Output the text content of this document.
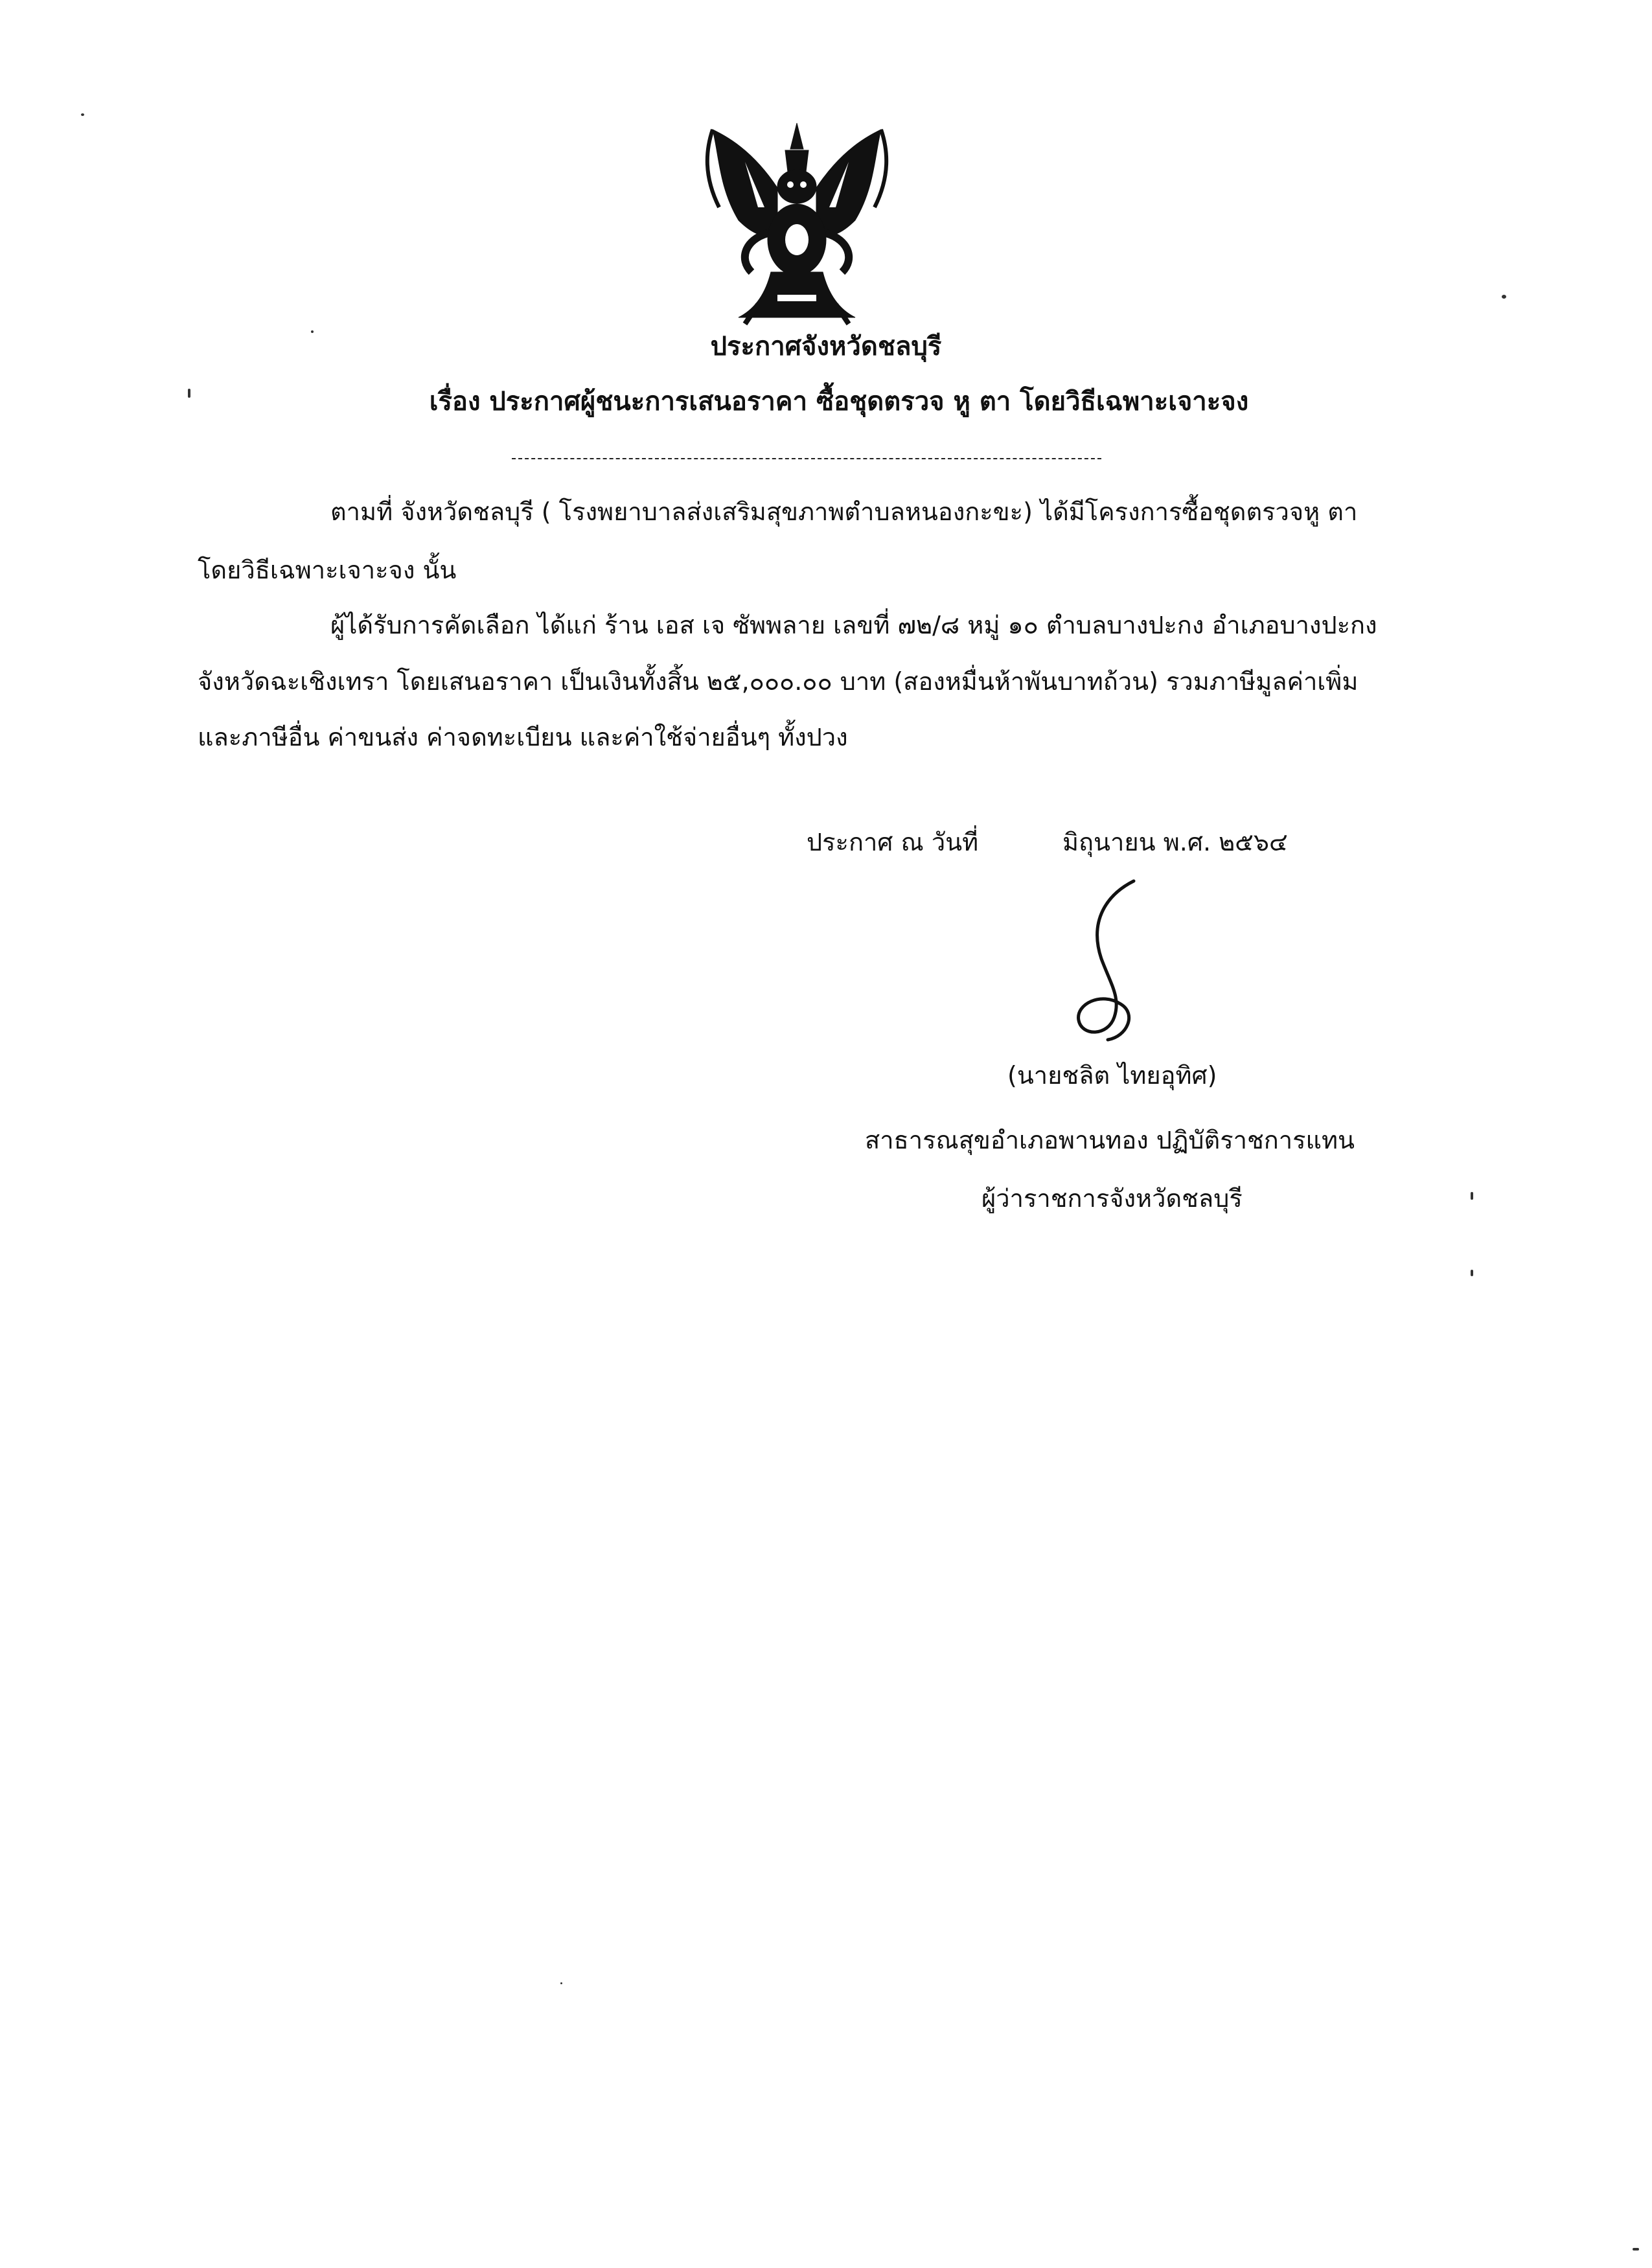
ประกาศจังหวัดชลบุรี
เรื่อง ประกาศผู้ชนะการเสนอราคา ซื้อชุดตรวจ หู ตา โดยวิธีเฉพาะเจาะจง
ตามที่ จังหวัดชลบุรี ( โรงพยาบาลส่งเสริมสุขภาพตำบลหนองกะขะ) ได้มีโครงการซื้อชุดตรวจหู ตา
โดยวิธีเฉพาะเจาะจง นั้น
ผู้ได้รับการคัดเลือก ได้แก่ ร้าน เอส เจ ซัพพลาย เลขที่ ๗๒/๘ หมู่ ๑๐ ตำบลบางปะกง อำเภอบางปะกง
จังหวัดฉะเชิงเทรา โดยเสนอราคา เป็นเงินทั้งสิ้น ๒๕,๐๐๐.๐๐ บาท (สองหมื่นห้าพันบาทถ้วน) รวมภาษีมูลค่าเพิ่ม
และภาษีอื่น ค่าขนส่ง ค่าจดทะเบียน และค่าใช้จ่ายอื่นๆ ทั้งปวง
ประกาศ ณ วันที่	มิถุนายน พ.ศ. ๒๕๖๔
(นายชลิต ไทยอุทิศ)
สาธารณสุขอำเภอพานทอง ปฏิบัติราชการแทน
ผู้ว่าราชการจังหวัดชลบุรี
